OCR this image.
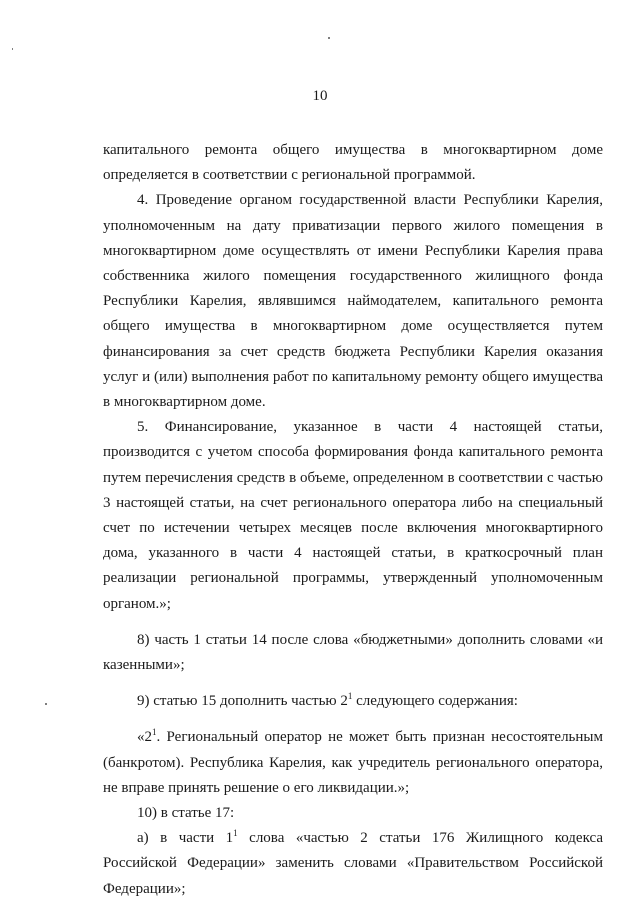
10

капитального ремонта общего имущества в многоквартирном доме определяется в соответствии с региональной программой.

4. Проведение органом государственной власти Республики Карелия, уполномоченным на дату приватизации первого жилого помещения в многоквартирном доме осуществлять от имени Республики Карелия права собственника жилого помещения государственного жилищного фонда Республики Карелия, являвшимся наймодателем, капитального ремонта общего имущества в многоквартирном доме осуществляется путем финансирования за счет средств бюджета Республики Карелия оказания услуг и (или) выполнения работ по капитальному ремонту общего имущества в многоквартирном доме.

5. Финансирование, указанное в части 4 настоящей статьи, производится с учетом способа формирования фонда капитального ремонта путем перечисления средств в объеме, определенном в соответствии с частью 3 настоящей статьи, на счет регионального оператора либо на специальный счет по истечении четырех месяцев после включения многоквартирного дома, указанного в части 4 настоящей статьи, в краткосрочный план реализации региональной программы, утвержденный уполномоченным органом.»;

8) часть 1 статьи 14 после слова «бюджетными» дополнить словами «и казенными»;

9) статью 15 дополнить частью $2^1$ следующего содержания:

«$2^1$. Региональный оператор не может быть признан несостоятельным (банкротом). Республика Карелия, как учредитель регионального оператора, не вправе принять решение о его ликвидации.»;

10) в статье 17:

а) в части $1^1$ слова «частью 2 статьи 176 Жилищного кодекса Российской Федерации» заменить словами «Правительством Российской Федерации»;
